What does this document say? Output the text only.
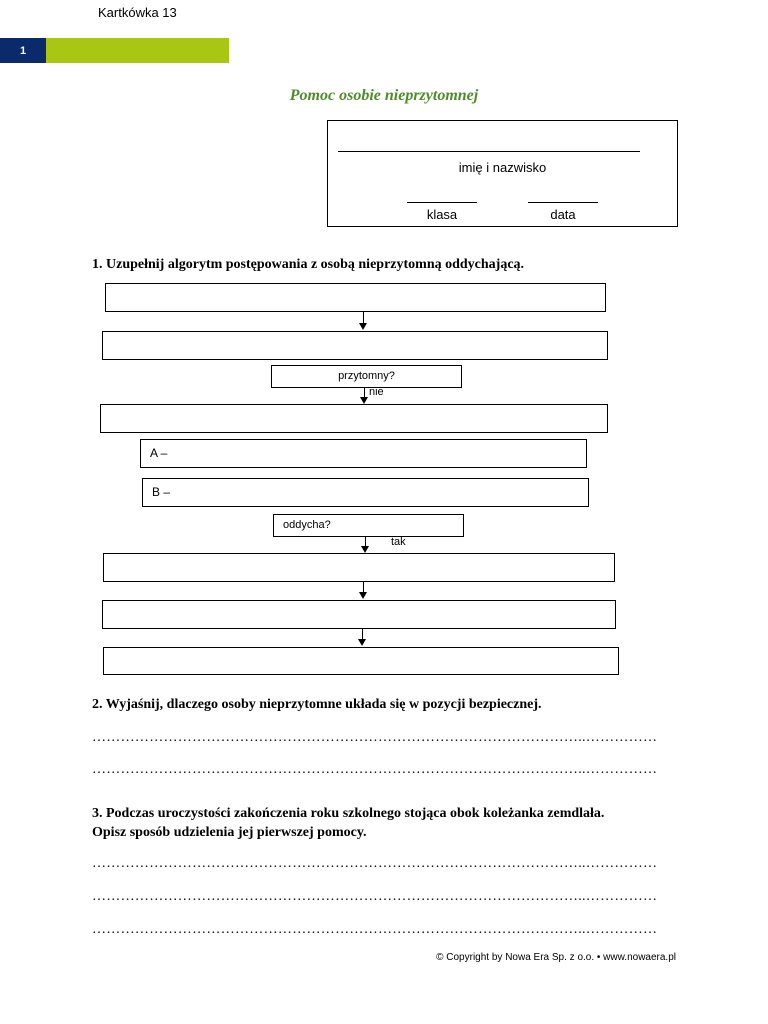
Kartkówka 13
1
Pomoc osobie nieprzytomnej
imię i nazwisko
klasa	data
1. Uzupełnij algorytm postępowania z osobą nieprzytomną oddychającą.
przytomny?
nie
A –
B –
oddycha?
tak
2. Wyjaśnij, dlaczego osoby nieprzytomne układa się w pozycji bezpiecznej.
…………………………………………………………………………………………..……………
…………………………………………………………………………………………..……………
3. Podczas uroczystości zakończenia roku szkolnego stojąca obok koleżanka zemdlała.
Opisz sposób udzielenia jej pierwszej pomocy.
…………………………………………………………………………………………..……………
…………………………………………………………………………………………..……………
…………………………………………………………………………………………..……………
© Copyright by Nowa Era Sp. z o.o. • www.nowaera.pl
